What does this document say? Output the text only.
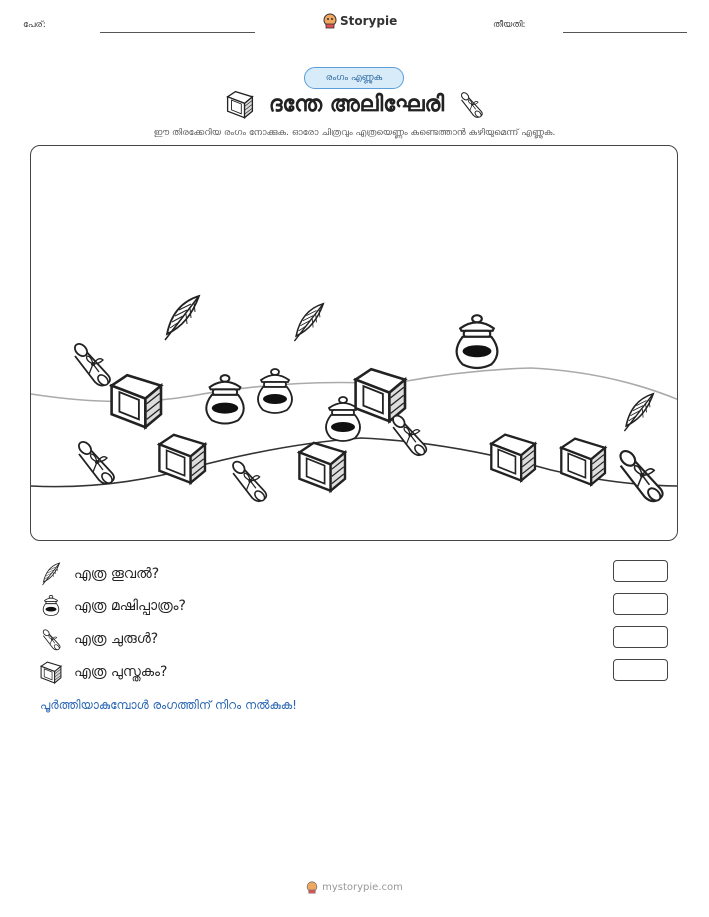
പേര്:	തീയതി:
Storypie
രംഗം എണ്ണുക
ദന്തേ അലിഘേരി
ഈ തിരക്കേറിയ രംഗം നോക്കുക. ഓരോ ചിത്രവും എത്രയെണ്ണം കണ്ടെത്താൻ കഴിയുമെന്ന് എണ്ണുക.
എത്ര തൂവൽ?
എത്ര മഷിപ്പാത്രം?
എത്ര ചുരുൾ?
എത്ര പുസ്തകം?
പൂർത്തിയാകുമ്പോൾ രംഗത്തിന് നിറം നൽകുക!
mystorypie.com
